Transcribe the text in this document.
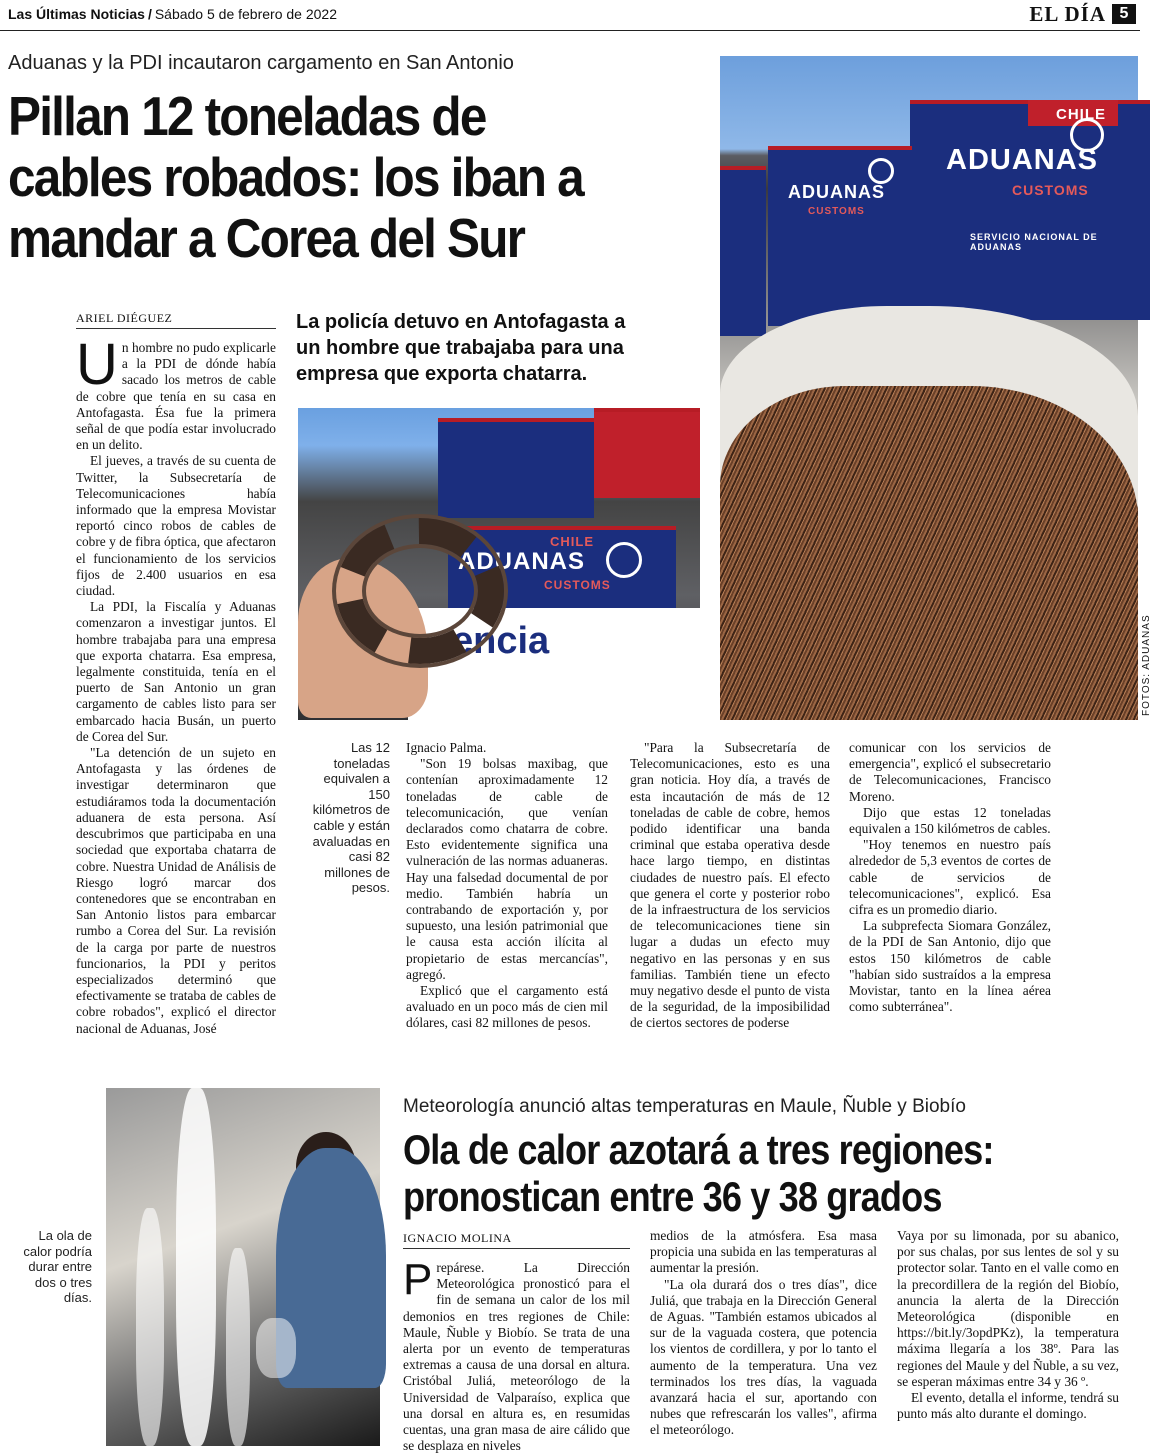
Las Últimas Noticias / Sábado 5 de febrero de 2022	EL DÍA 5
Aduanas y la PDI incautaron cargamento en San Antonio
Pillan 12 toneladas de cables robados: los iban a mandar a Corea del Sur
ARIEL DIÉGUEZ	La policía detuvo en Antofagasta a un hombre que trabajaba para una empresa que exporta chatarra.
CHILE
ADUANAS
CUSTOMS
SERVICIO NACIONAL DE ADUANAS
ADUANAS
CUSTOMS
FOTOS: ADUANAS
CHILE
ADUANAS
CUSTOMS
encia

Un hombre no pudo explicarle a la PDI de dónde había sacado los metros de cable de cobre que tenía en su casa en Antofagasta. Ésa fue la primera señal de que podía estar involucrado en un delito.

El jueves, a través de su cuenta de Twitter, la Subsecretaría de Telecomunicaciones había informado que la empresa Movistar reportó cinco robos de cables de cobre y de fibra óptica, que afectaron el funcionamiento de los servicios fijos de 2.400 usuarios en esa ciudad.

La PDI, la Fiscalía y Aduanas comenzaron a investigar juntos. El hombre trabajaba para una empresa que exporta chatarra. Esa empresa, legalmente constituida, tenía en el puerto de San Antonio un gran cargamento de cables listo para ser embarcado hacia Busán, un puerto de Corea del Sur.

"La detención de un sujeto en Antofagasta y las órdenes de investigar determinaron que estudiáramos toda la documentación aduanera de esta persona. Así descubrimos que participaba en una sociedad que exportaba chatarra de cobre. Nuestra Unidad de Análisis de Riesgo logró marcar dos contenedores que se encontraban en San Antonio listos para embarcar rumbo a Corea del Sur. La revisión de la carga por parte de nuestros funcionarios, la PDI y peritos especializados determinó que efectivamente se trataba de cables de cobre robados", explicó el director nacional de Aduanas, José

Las 12 toneladas equivalen a 150 kilómetros de cable y están avaluadas en casi 82 millones de pesos.

Ignacio Palma.

"Son 19 bolsas maxibag, que contenían aproximadamente 12 toneladas de cable de telecomunicación, que venían declarados como chatarra de cobre. Esto evidentemente significa una vulneración de las normas aduaneras. Hay una falsedad documental de por medio. También habría un contrabando de exportación y, por supuesto, una lesión patrimonial que le causa esta acción ilícita al propietario de estas mercancías", agregó.

Explicó que el cargamento está avaluado en un poco más de cien mil dólares, casi 82 millones de pesos.

"Para la Subsecretaría de Telecomunicaciones, esto es una gran noticia. Hoy día, a través de esta incautación de más de 12 toneladas de cable de cobre, hemos podido identificar una banda criminal que estaba operativa desde hace largo tiempo, en distintas ciudades de nuestro país. El efecto que genera el corte y posterior robo de la infraestructura de los servicios de telecomunicaciones tiene sin lugar a dudas un efecto muy negativo en las personas y en sus familias. También tiene un efecto muy negativo desde el punto de vista de la seguridad, de la imposibilidad de ciertos sectores de poderse

comunicar con los servicios de emergencia", explicó el subsecretario de Telecomunicaciones, Francisco Moreno.

Dijo que estas 12 toneladas equivalen a 150 kilómetros de cables.

"Hoy tenemos en nuestro país alrededor de 5,3 eventos de cortes de cable de servicios de telecomunicaciones", explicó. Esa cifra es un promedio diario.

La subprefecta Siomara González, de la PDI de San Antonio, dijo que estos 150 kilómetros de cable "habían sido sustraídos a la empresa Movistar, tanto en la línea aérea como subterránea".

La ola de calor podría durar entre dos o tres días.
Meteorología anunció altas temperaturas en Maule, Ñuble y Biobío
Ola de calor azotará a tres regiones: pronostican entre 36 y 38 grados
IGNACIO MOLINA

Prepárese. La Dirección Meteorológica pronosticó para el fin de semana un calor de los mil demonios en tres regiones de Chile: Maule, Ñuble y Biobío. Se trata de una alerta por un evento de temperaturas extremas a causa de una dorsal en altura. Cristóbal Juliá, meteorólogo de la Universidad de Valparaíso, explica que una dorsal en altura es, en resumidas cuentas, una gran masa de aire cálido que se desplaza en niveles

medios de la atmósfera. Esa masa propicia una subida en las temperaturas al aumentar la presión.

"La ola durará dos o tres días", dice Juliá, que trabaja en la Dirección General de Aguas. "También estamos ubicados al sur de la vaguada costera, que potencia los vientos de cordillera, y por lo tanto el aumento de la temperatura. Una vez terminados los tres días, la vaguada avanzará hacia el sur, aportando con nubes que refrescarán los valles", afirma el meteorólogo.

Vaya por su limonada, por su abanico, por sus chalas, por sus lentes de sol y su protector solar. Tanto en el valle como en la precordillera de la región del Biobío, anuncia la alerta de la Dirección Meteorológica (disponible en https://bit.ly/3opdPKz), la temperatura máxima llegaría a los 38º. Para las regiones del Maule y del Ñuble, a su vez, se esperan máximas entre 34 y 36 º.

El evento, detalla el informe, tendrá su punto más alto durante el domingo.
